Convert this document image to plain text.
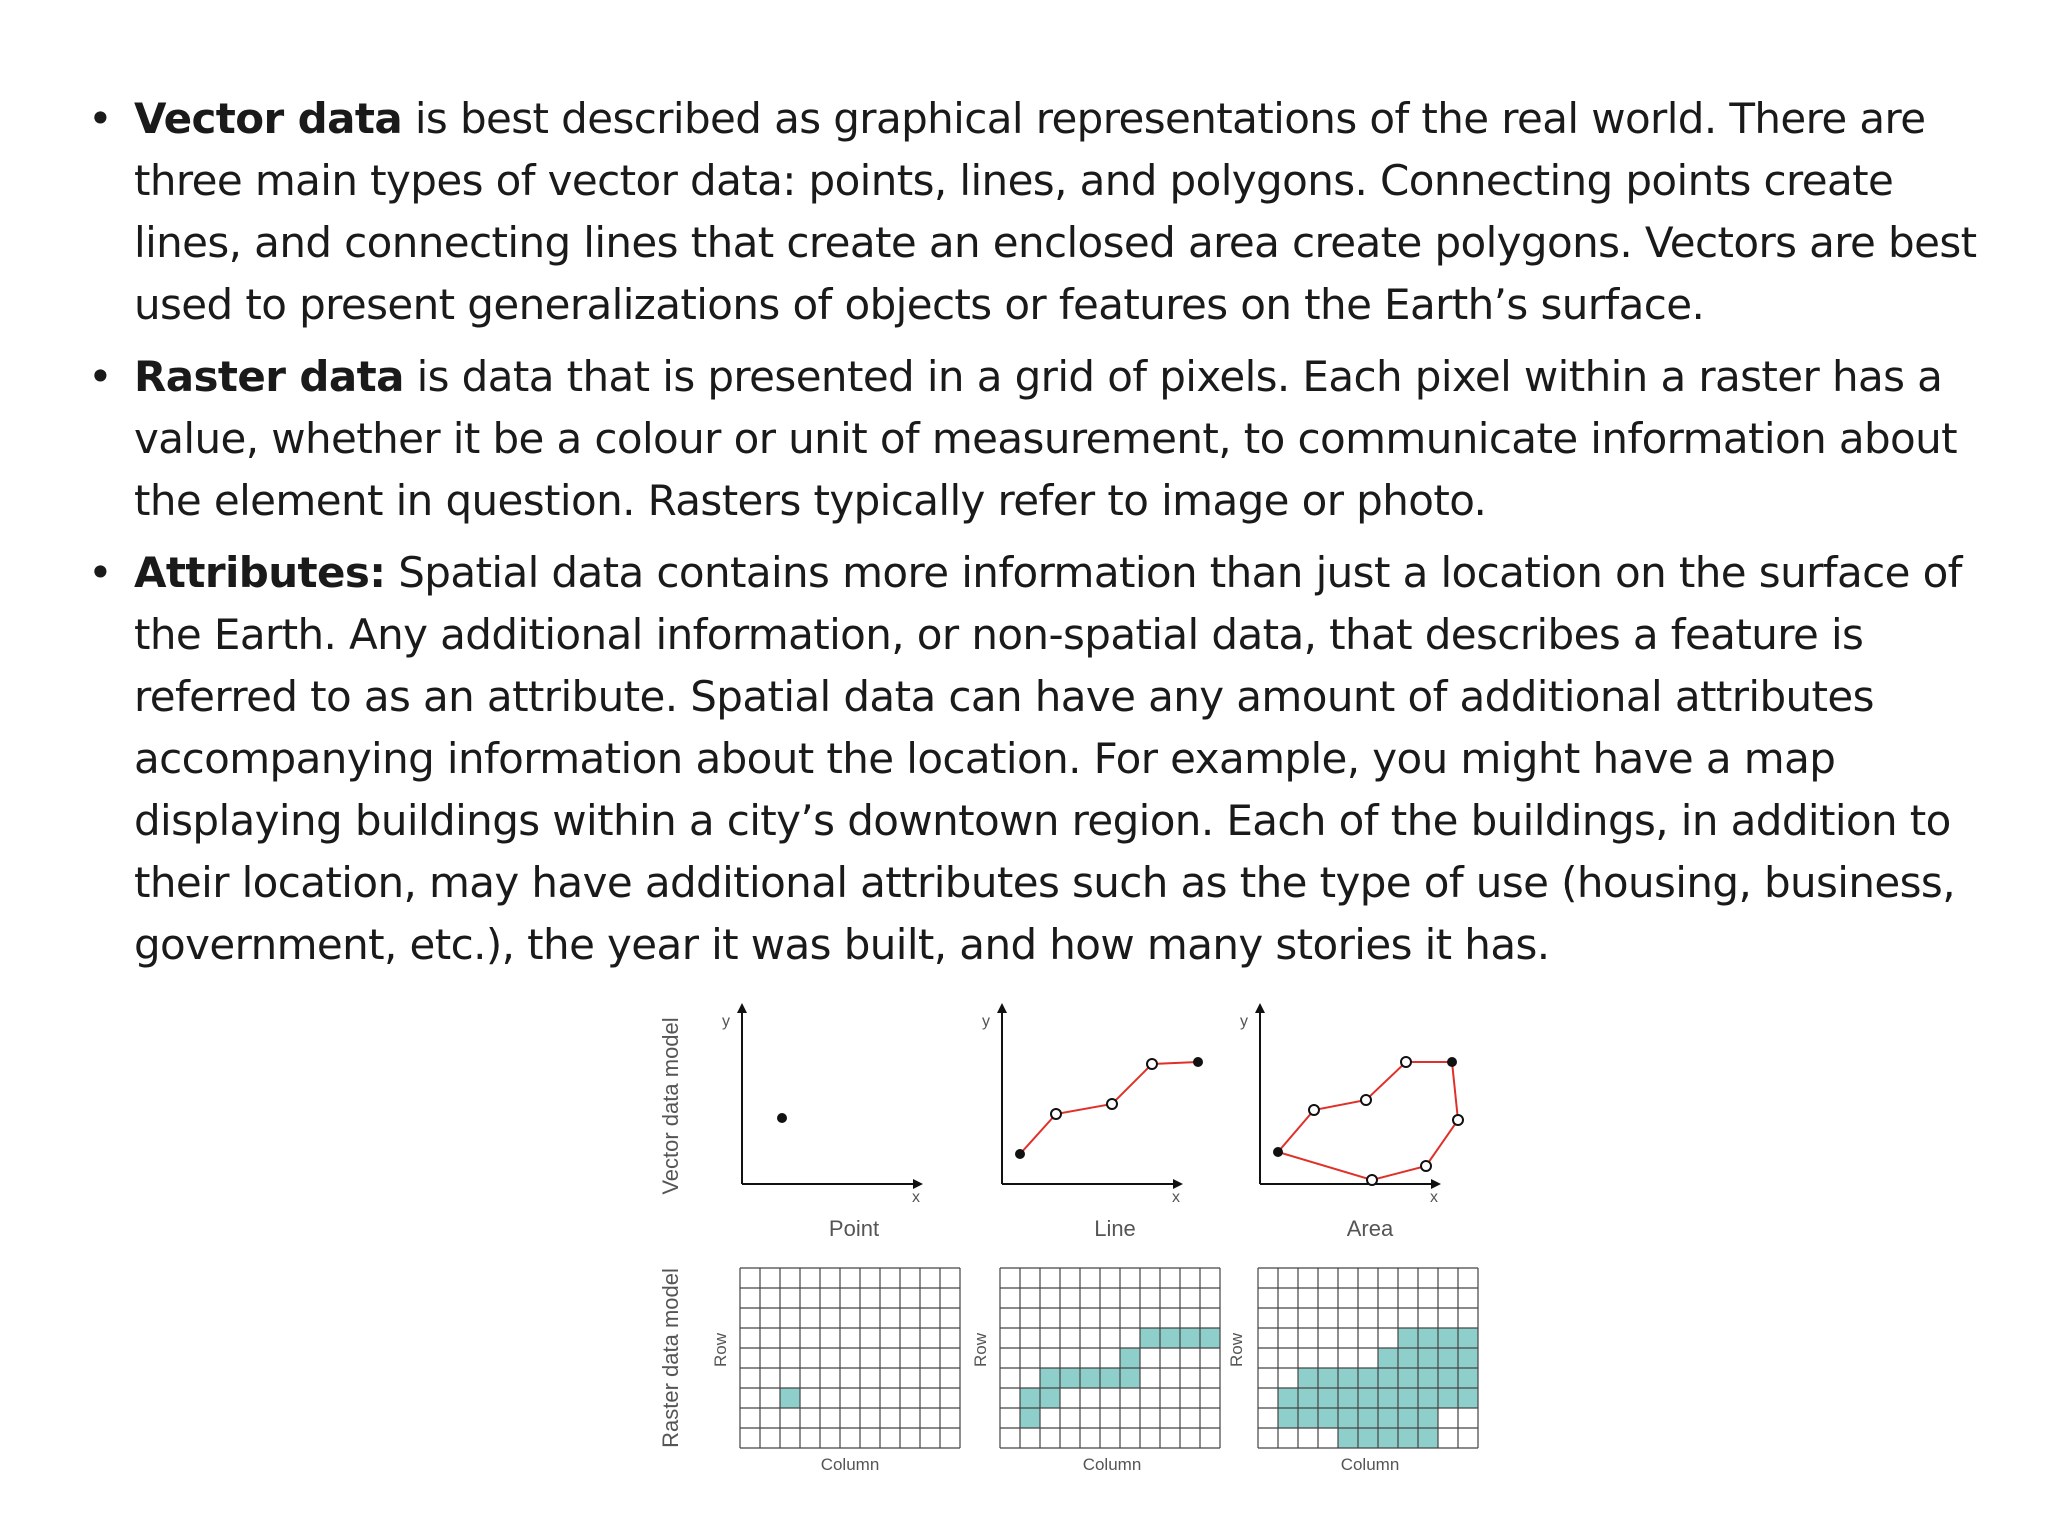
• Vector data is best described as graphical representations of the real world. There are three main types of vector data: points, lines, and polygons. Connecting points create lines, and connecting lines that create an enclosed area create polygons. Vectors are best used to present generalizations of objects or features on the Earth’s surface.
• Raster data is data that is presented in a grid of pixels. Each pixel within a raster has a value, whether it be a colour or unit of measurement, to communicate information about the element in question. Rasters typically refer to image or photo.
• Attributes: Spatial data contains more information than just a location on the surface of the Earth. Any additional information, or non-spatial data, that describes a feature is referred to as an attribute. Spatial data can have any amount of additional attributes accompanying information about the location. For example, you might have a map displaying buildings within a city’s downtown region. Each of the buildings, in addition to their location, may have additional attributes such as the type of use (housing, business, government, etc.), the year it was built, and how many stories it has.
Vector data model
Raster data model
y
x
Point
y
x
Line
y
x
Area
Row	Row	Row
Column	Column	Column
